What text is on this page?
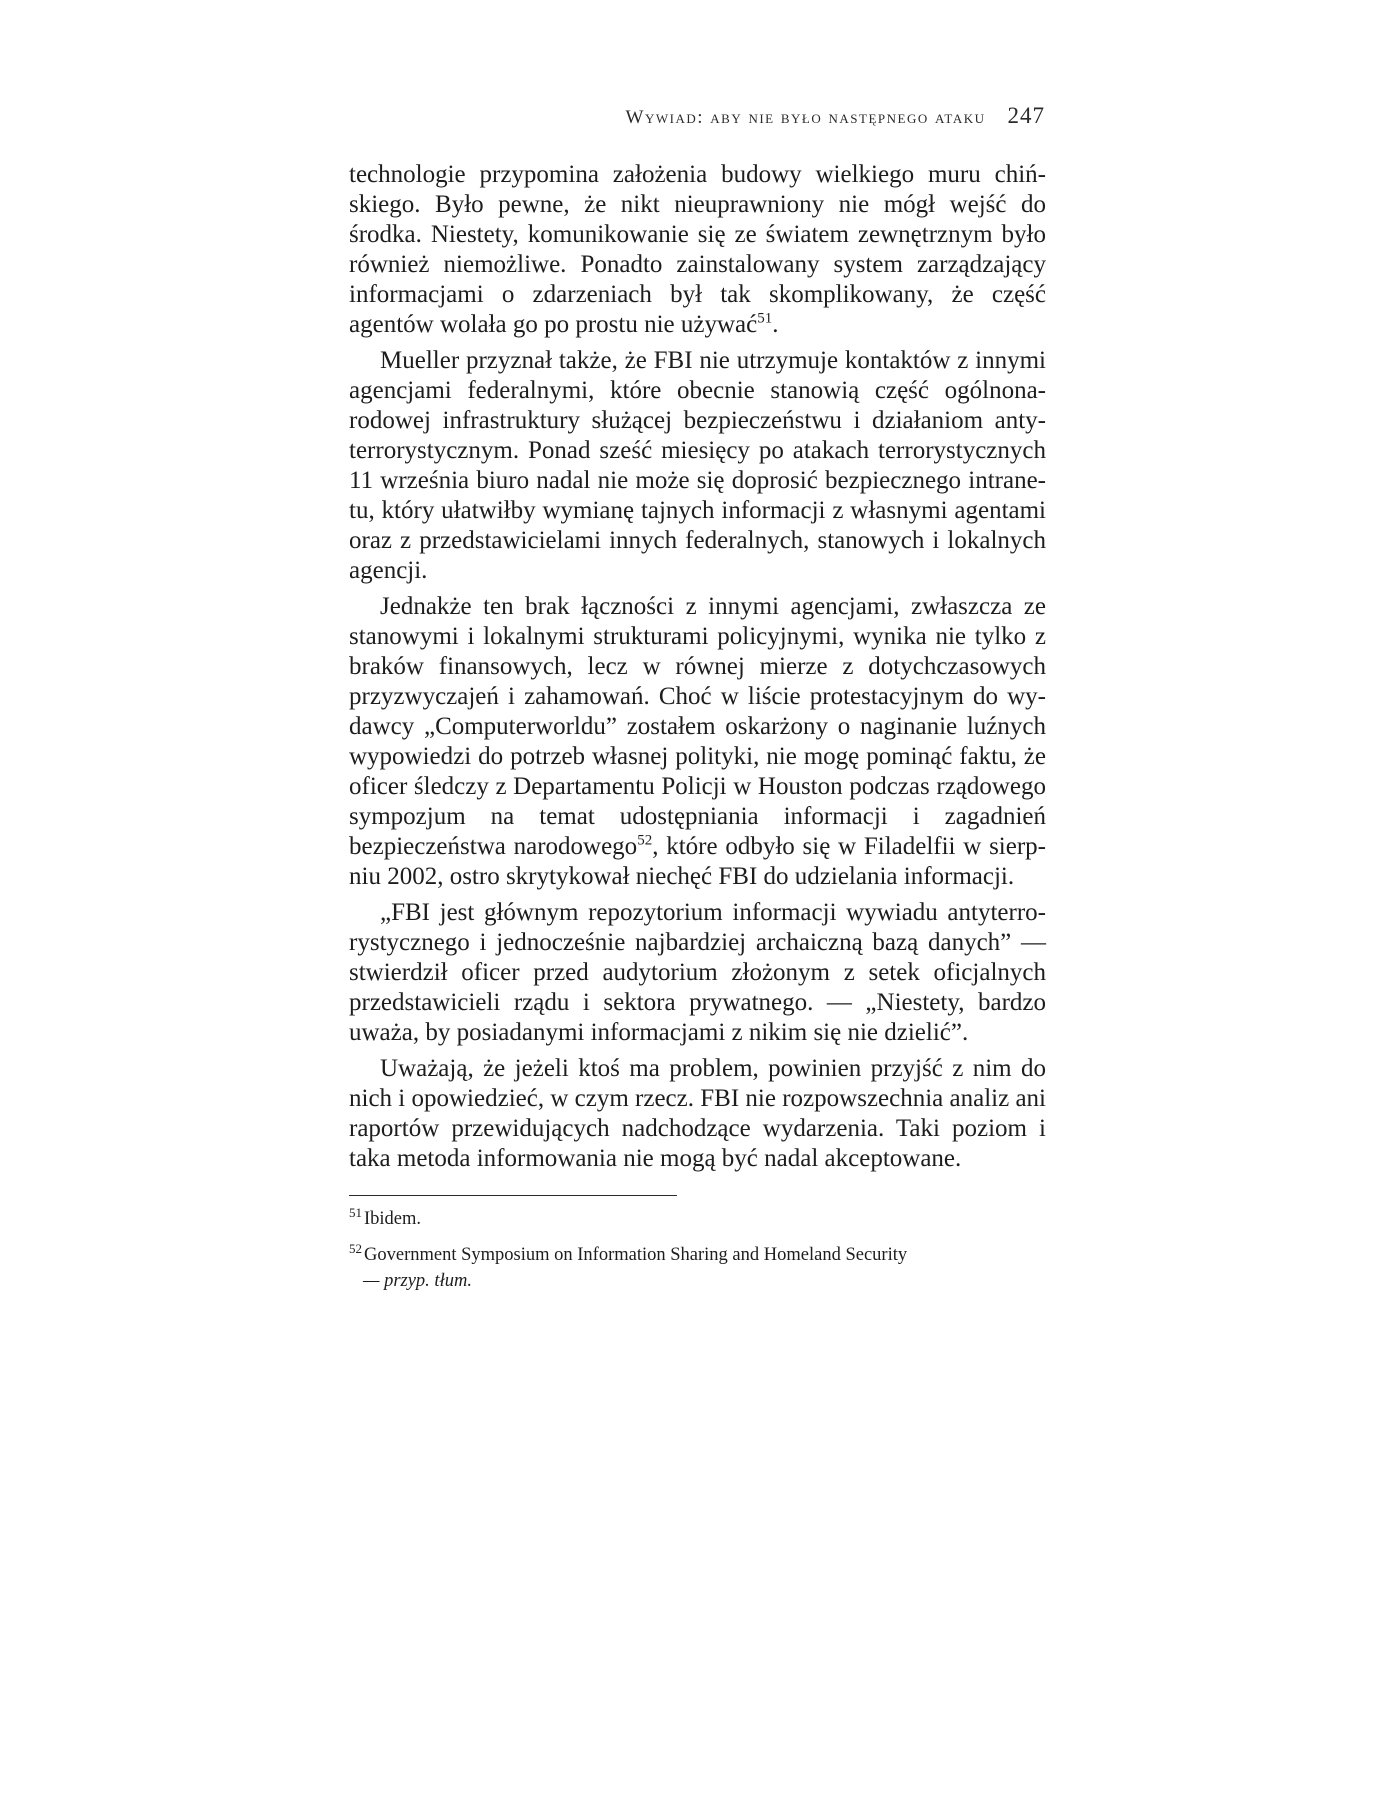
Wywiad: aby nie było następnego ataku 247

technologie przypomina założenia budowy wielkiego muru chińskiego. Było pewne, że nikt nieuprawniony nie mógł wejść do środka. Niestety, komunikowanie się ze światem zewnętrznym było również niemożliwe. Ponadto zainstalowany system zarządzający informacjami o zdarzeniach był tak skomplikowany, że część agentów wolała go po prostu nie używać$^{51}$.

Mueller przyznał także, że FBI nie utrzymuje kontaktów z innymi agencjami federalnymi, które obecnie stanowią część ogólnonarodowej infrastruktury służącej bezpieczeństwu i działaniom antyterrorystycznym. Ponad sześć miesięcy po atakach terrorystycznych 11 września biuro nadal nie może się doprosić bezpiecznego intranetu, który ułatwiłby wymianę tajnych informacji z własnymi agentami oraz z przedstawicielami innych federalnych, stanowych i lokalnych agencji.

Jednakże ten brak łączności z innymi agencjami, zwłaszcza ze stanowymi i lokalnymi strukturami policyjnymi, wynika nie tylko z braków finansowych, lecz w równej mierze z dotychczasowych przyzwyczajeń i zahamowań. Choć w liście protestacyjnym do wydawcy „Computerworldu” zostałem oskarżony o naginanie luźnych wypowiedzi do potrzeb własnej polityki, nie mogę pominąć faktu, że oficer śledczy z Departamentu Policji w Houston podczas rządowego sympozjum na temat udostępniania informacji i zagadnień bezpieczeństwa narodowego$^{52}$, które odbyło się w Filadelfii w sierpniu 2002, ostro skrytykował niechęć FBI do udzielania informacji.

„FBI jest głównym repozytorium informacji wywiadu antyterrorystycznego i jednocześnie najbardziej archaiczną bazą danych” — stwierdził oficer przed audytorium złożonym z setek oficjalnych przedstawicieli rządu i sektora prywatnego. — „Niestety, bardzo uważa, by posiadanymi informacjami z nikim się nie dzielić”.

Uważają, że jeżeli ktoś ma problem, powinien przyjść z nim do nich i opowiedzieć, w czym rzecz. FBI nie rozpowszechnia analiz ani raportów przewidujących nadchodzące wydarzenia. Taki poziom i taka metoda informowania nie mogą być nadal akceptowane.

$^{51}$ Ibidem.
$^{52}$ Government Symposium on Information Sharing and Homeland Security
— przyp. tłum.
